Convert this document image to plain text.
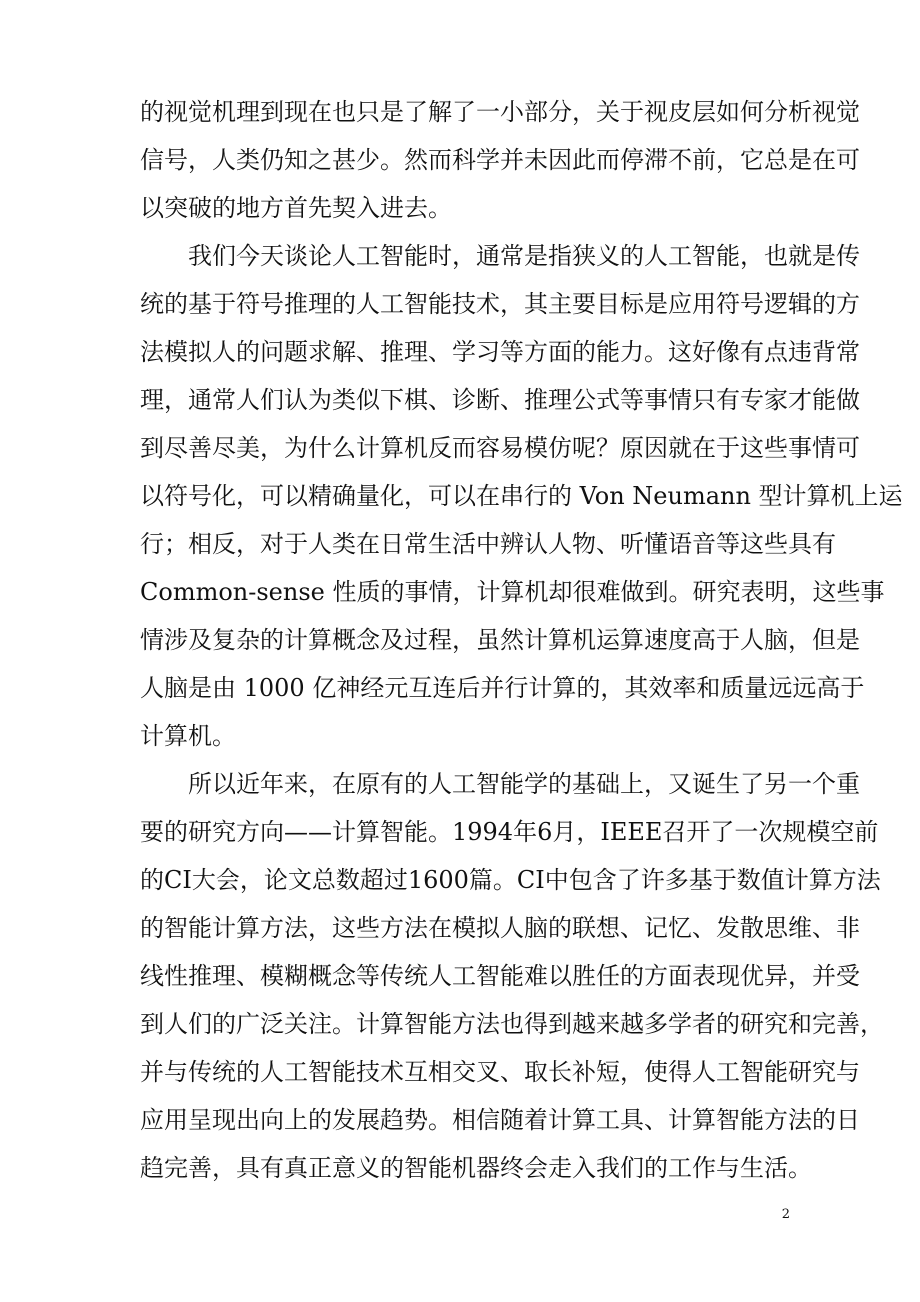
的视觉机理到现在也只是了解了一小部分，关于视皮层如何分析视觉
信号，人类仍知之甚少。然而科学并未因此而停滞不前，它总是在可
以突破的地方首先契入进去。
我们今天谈论人工智能时，通常是指狭义的人工智能，也就是传
统的基于符号推理的人工智能技术，其主要目标是应用符号逻辑的方
法模拟人的问题求解、推理、学习等方面的能力。这好像有点违背常
理，通常人们认为类似下棋、诊断、推理公式等事情只有专家才能做
到尽善尽美，为什么计算机反而容易模仿呢？原因就在于这些事情可
以符号化，可以精确量化，可以在串行的 Von Neumann 型计算机上运
行；相反，对于人类在日常生活中辨认人物、听懂语音等这些具有
Common-sense 性质的事情，计算机却很难做到。研究表明，这些事
情涉及复杂的计算概念及过程，虽然计算机运算速度高于人脑，但是
人脑是由 1000 亿神经元互连后并行计算的，其效率和质量远远高于
计算机。
所以近年来，在原有的人工智能学的基础上，又诞生了另一个重
要的研究方向——计算智能。1994年6月，IEEE召开了一次规模空前
的CI大会，论文总数超过1600篇。CI中包含了许多基于数值计算方法
的智能计算方法，这些方法在模拟人脑的联想、记忆、发散思维、非
线性推理、模糊概念等传统人工智能难以胜任的方面表现优异，并受
到人们的广泛关注。计算智能方法也得到越来越多学者的研究和完善，
并与传统的人工智能技术互相交叉、取长补短，使得人工智能研究与
应用呈现出向上的发展趋势。相信随着计算工具、计算智能方法的日
趋完善，具有真正意义的智能机器终会走入我们的工作与生活。
2
